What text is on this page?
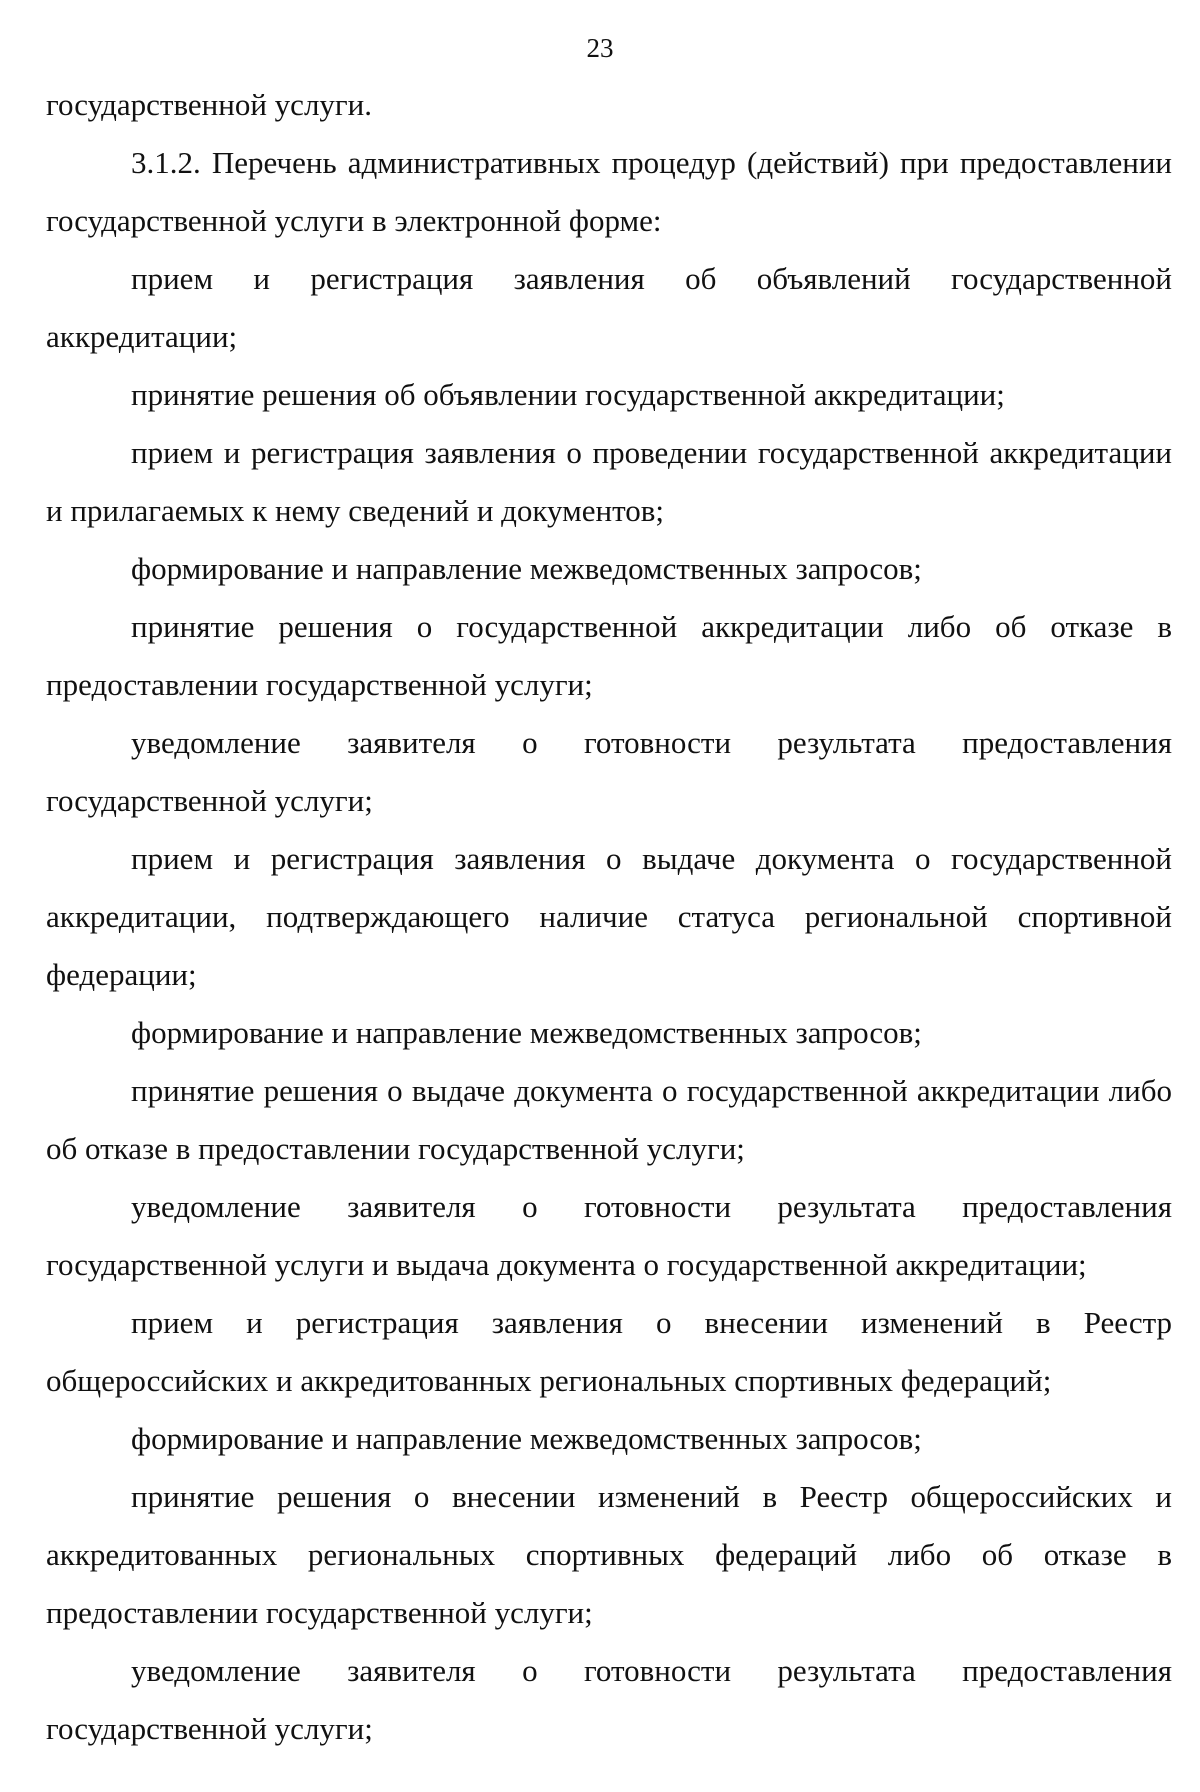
23

государственной услуги.

3.1.2. Перечень административных процедур (действий) при предоставлении государственной услуги в электронной форме:

прием и регистрация заявления об объявлений государственной аккредитации;

принятие решения об объявлении государственной аккредитации;

прием и регистрация заявления о проведении государственной аккредитации и прилагаемых к нему сведений и документов;

формирование и направление межведомственных запросов;

принятие решения о государственной аккредитации либо об отказе в предоставлении государственной услуги;

уведомление заявителя о готовности результата предоставления государственной услуги;

прием и регистрация заявления о выдаче документа о государственной аккредитации, подтверждающего наличие статуса региональной спортивной федерации;

формирование и направление межведомственных запросов;

принятие решения о выдаче документа о государственной аккредитации либо об отказе в предоставлении государственной услуги;

уведомление заявителя о готовности результата предоставления государственной услуги и выдача документа о государственной аккредитации;

прием и регистрация заявления о внесении изменений в Реестр общероссийских и аккредитованных региональных спортивных федераций;

формирование и направление межведомственных запросов;

принятие решения о внесении изменений в Реестр общероссийских и аккредитованных региональных спортивных федераций либо об отказе в предоставлении государственной услуги;

уведомление заявителя о готовности результата предоставления государственной услуги;
